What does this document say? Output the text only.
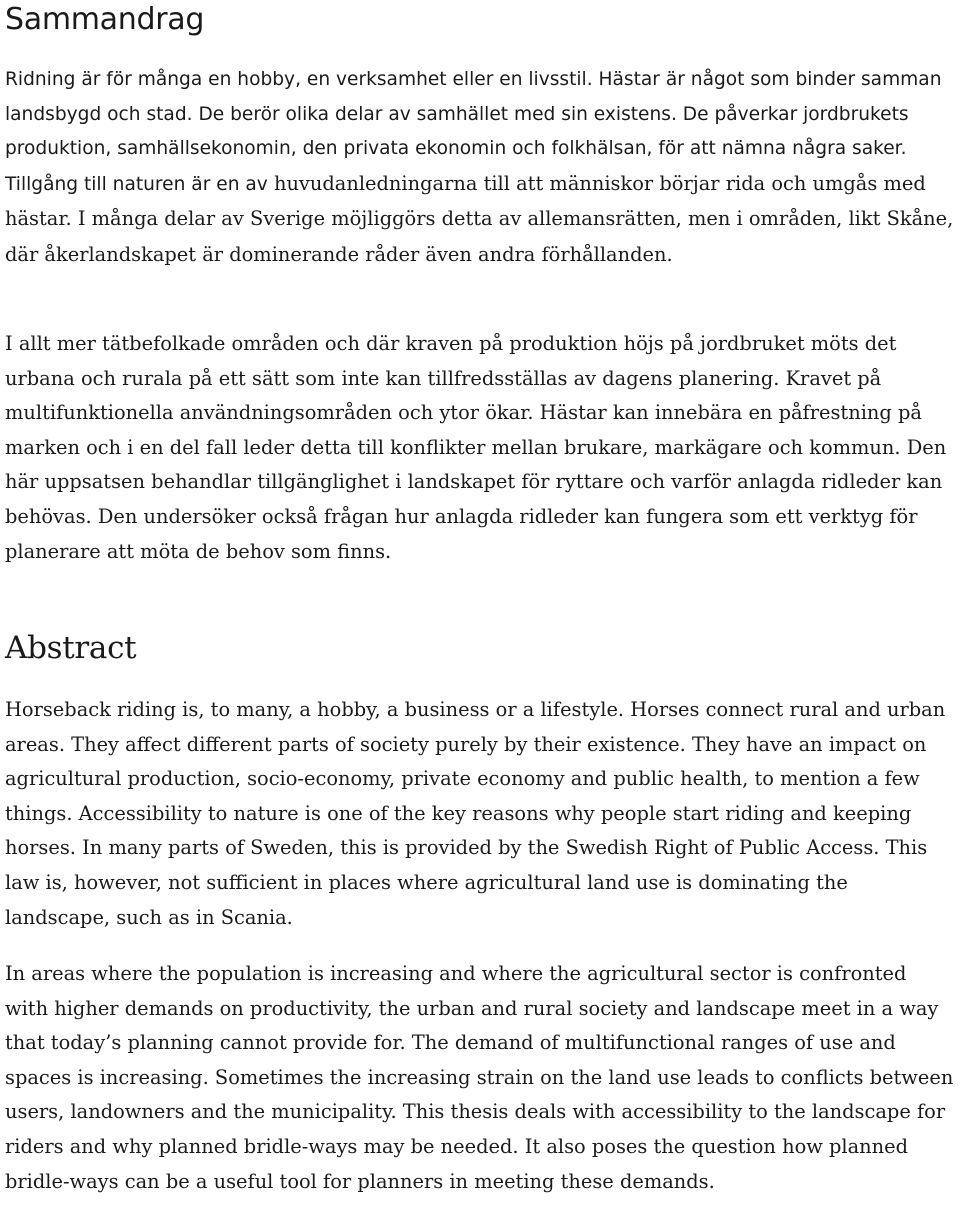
Sammandrag

Ridning är för många en hobby, en verksamhet eller en livsstil. Hästar är något som binder samman landsbygd och stad. De berör olika delar av samhället med sin existens. De påverkar jordbrukets produktion, samhällsekonomin, den privata ekonomin och folkhälsan, för att nämna några saker. Tillgång till naturen är en av huvudanledningarna till att människor börjar rida och umgås med hästar. I många delar av Sverige möjliggörs detta av allemansrätten, men i områden, likt Skåne, där åkerlandskapet är dominerande råder även andra förhållanden.

I allt mer tätbefolkade områden och där kraven på produktion höjs på jordbruket möts det urbana och rurala på ett sätt som inte kan tillfredsställas av dagens planering. Kravet på multifunktionella användningsområden och ytor ökar. Hästar kan innebära en påfrestning på marken och i en del fall leder detta till konflikter mellan brukare, markägare och kommun. Den här uppsatsen behandlar tillgänglighet i landskapet för ryttare och varför anlagda ridleder kan behövas. Den undersöker också frågan hur anlagda ridleder kan fungera som ett verktyg för planerare att möta de behov som finns.

Abstract

Horseback riding is, to many, a hobby, a business or a lifestyle. Horses connect rural and urban areas. They affect different parts of society purely by their existence. They have an impact on agricultural production, socio-economy, private economy and public health, to mention a few things. Accessibility to nature is one of the key reasons why people start riding and keeping horses. In many parts of Sweden, this is provided by the Swedish Right of Public Access. This law is, however, not sufficient in places where agricultural land use is dominating the landscape, such as in Scania.

In areas where the population is increasing and where the agricultural sector is confronted with higher demands on productivity, the urban and rural society and landscape meet in a way that today’s planning cannot provide for. The demand of multifunctional ranges of use and spaces is increasing. Sometimes the increasing strain on the land use leads to conflicts between users, landowners and the municipality. This thesis deals with accessibility to the landscape for riders and why planned bridle-ways may be needed. It also poses the question how planned bridle-ways can be a useful tool for planners in meeting these demands.
